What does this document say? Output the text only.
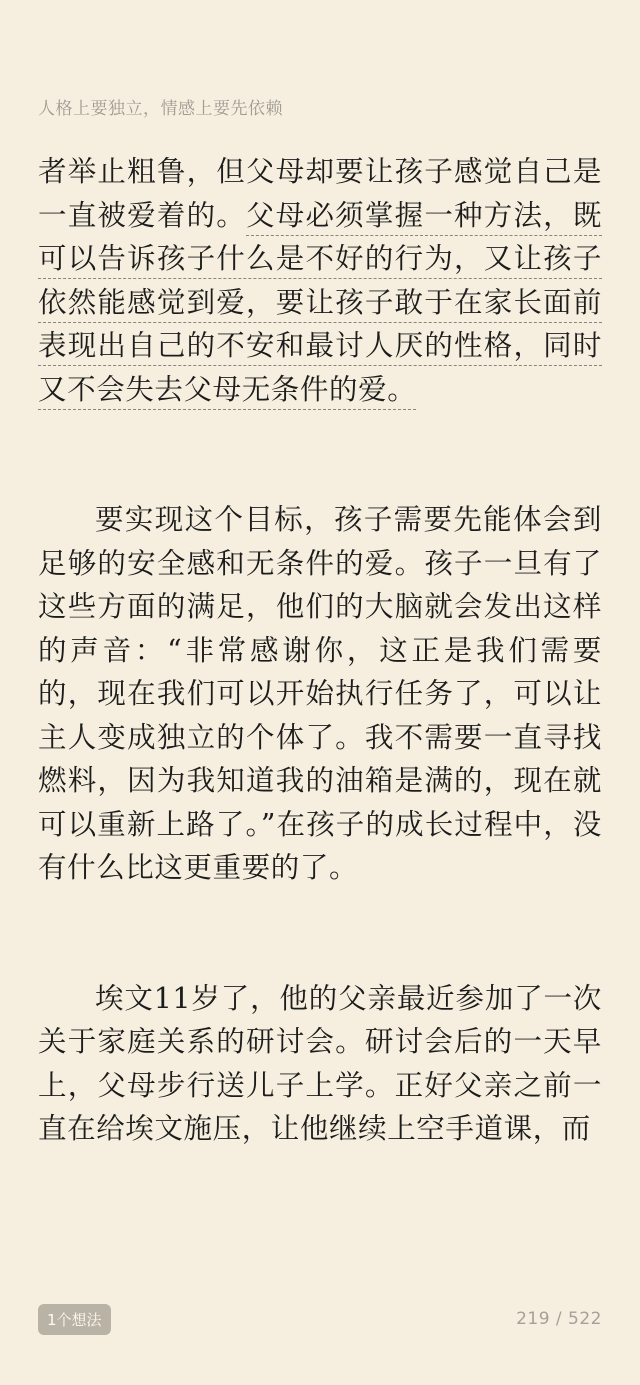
人格上要独立，情感上要先依赖

者举止粗鲁，但父母却要让孩子感觉自己是一直被爱着的。父母必须掌握一种方法，既可以告诉孩子什么是不好的行为，又让孩子依然能感觉到爱，要让孩子敢于在家长面前表现出自己的不安和最讨人厌的性格，同时又不会失去父母无条件的爱。

要实现这个目标，孩子需要先能体会到足够的安全感和无条件的爱。孩子一旦有了这些方面的满足，他们的大脑就会发出这样的声音：“非常感谢你，这正是我们需要的，现在我们可以开始执行任务了，可以让主人变成独立的个体了。我不需要一直寻找燃料，因为我知道我的油箱是满的，现在就可以重新上路了。”在孩子的成长过程中，没有什么比这更重要的了。

埃文11岁了，他的父亲最近参加了一次关于家庭关系的研讨会。研讨会后的一天早上，父母步行送儿子上学。正好父亲之前一直在给埃文施压，让他继续上空手道课，而

1个想法	219 / 522
